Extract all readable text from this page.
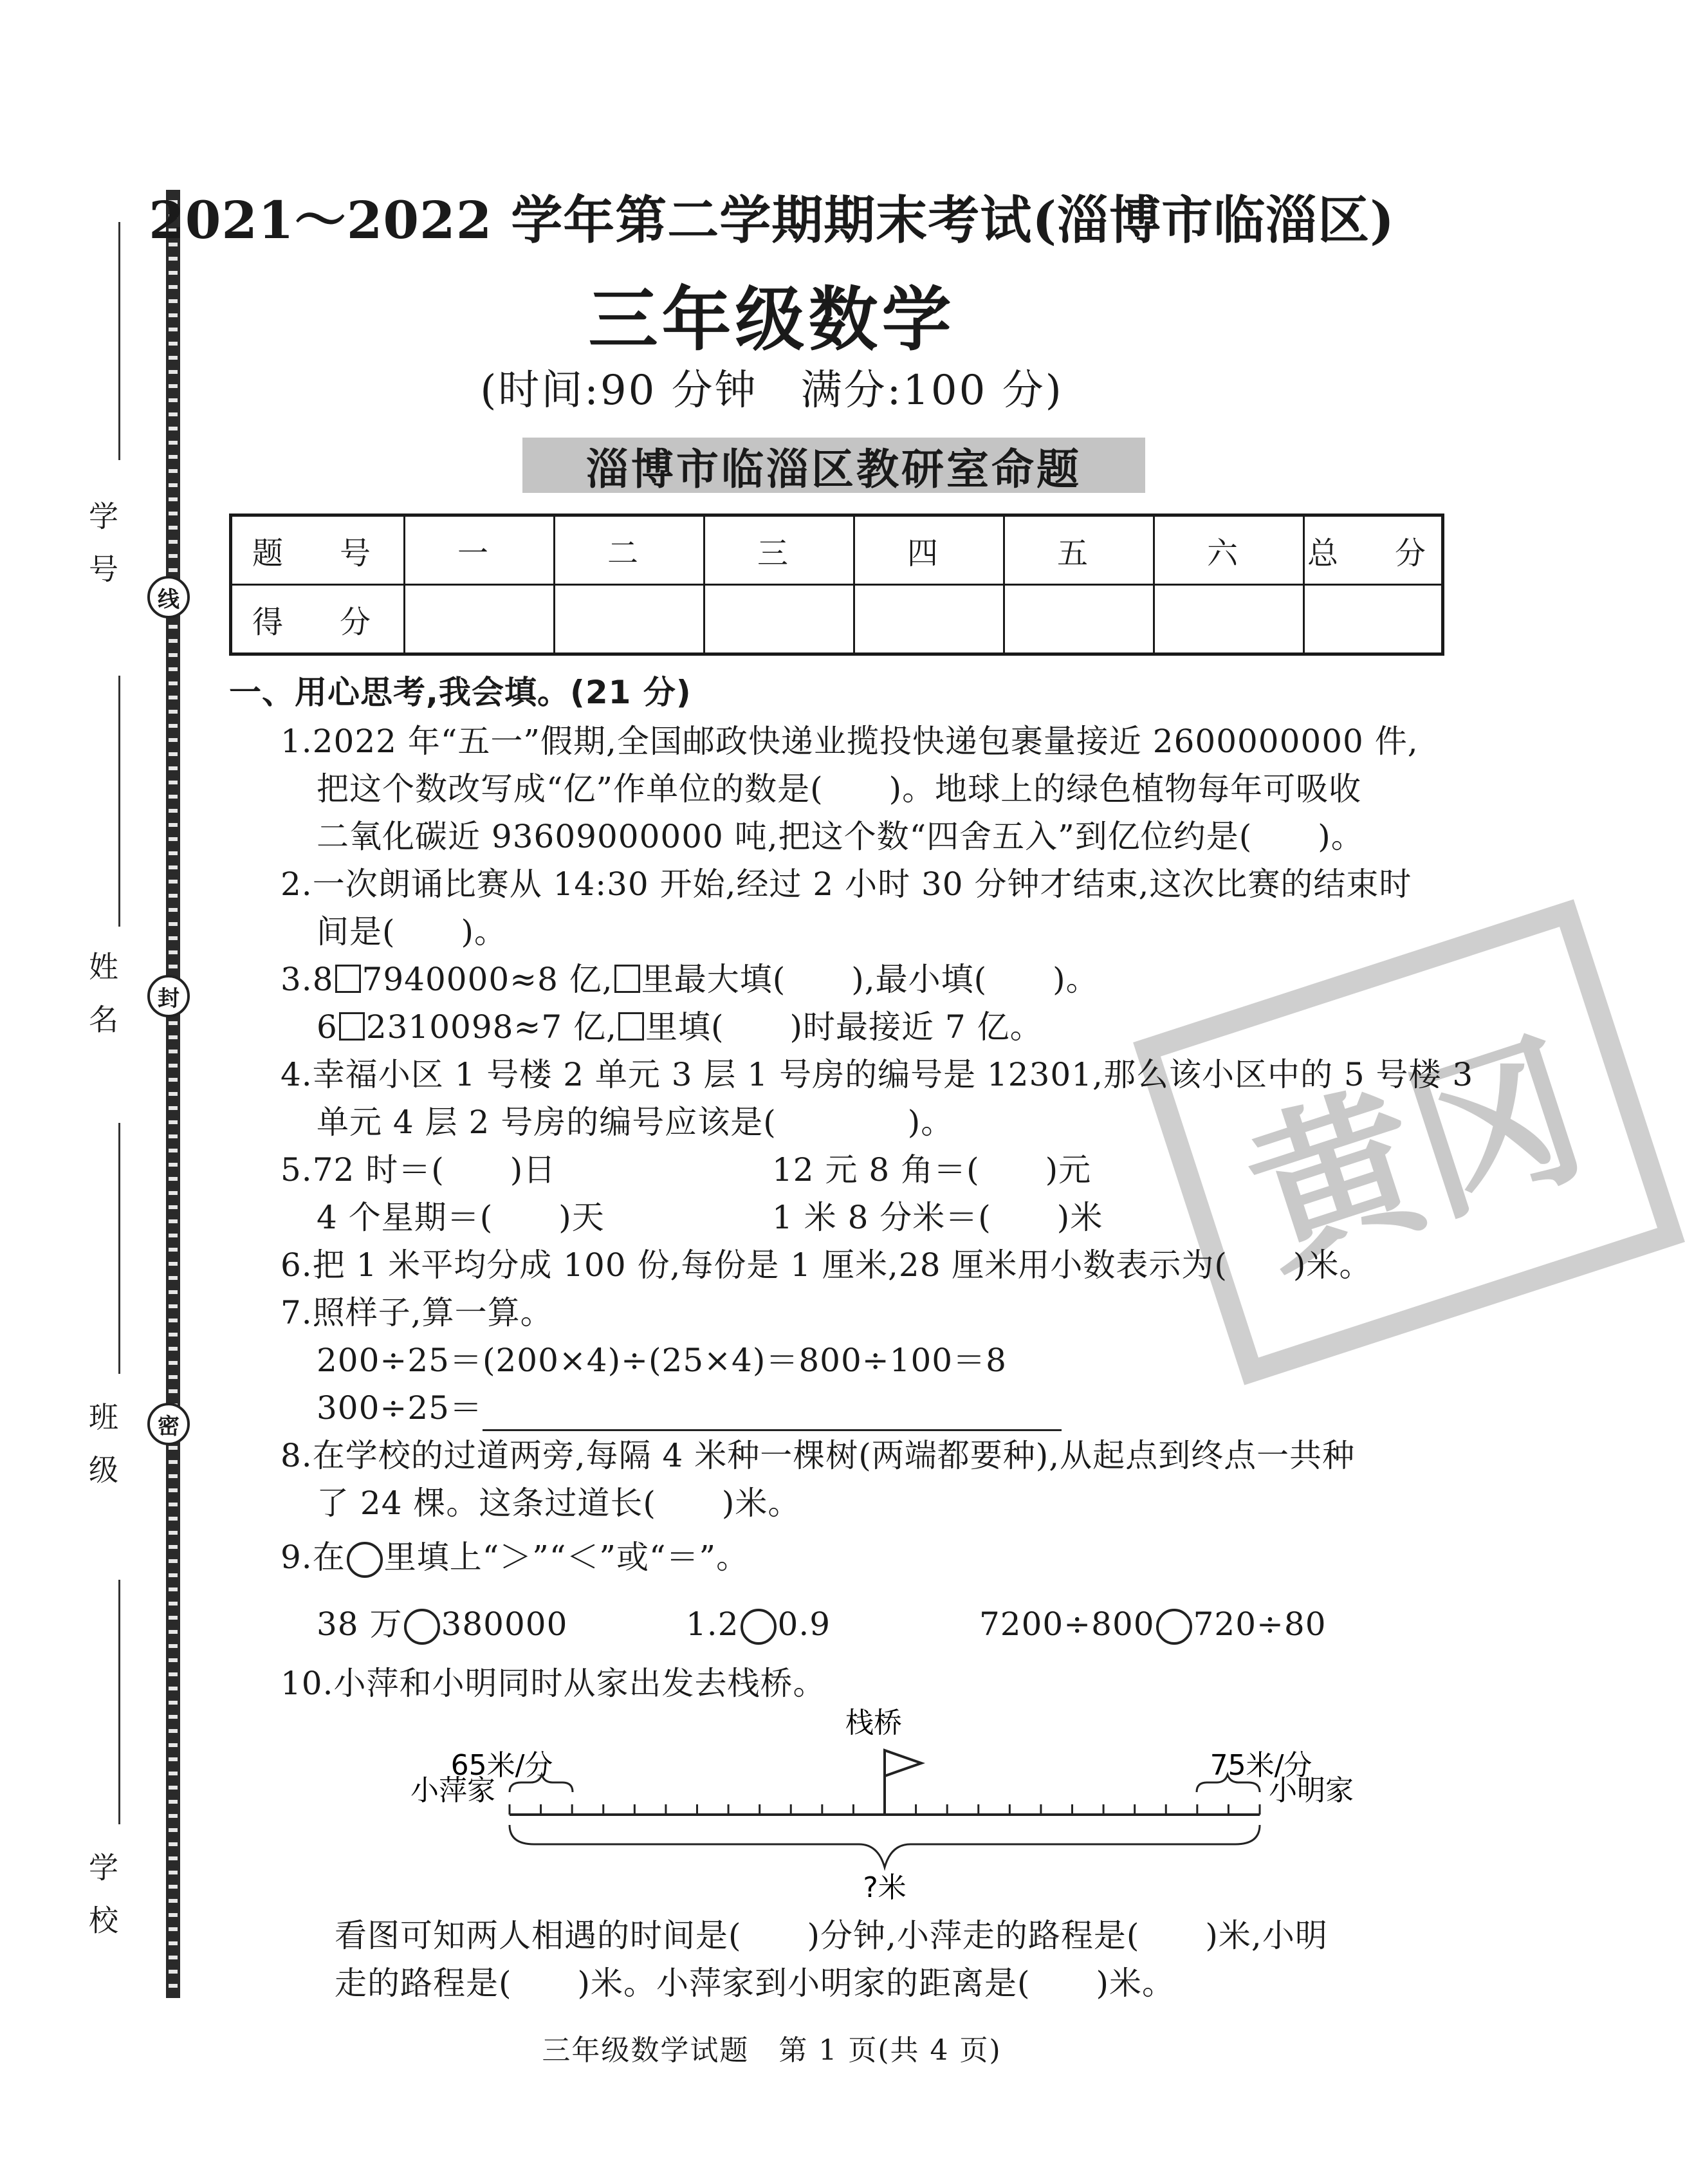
线
封
密
学号
姓名
班级
学校
2021～2022 学年第二学期期末考试(淄博市临淄区)
三年级数学
(时间:90 分钟　满分:100 分)
淄博市临淄区教研室命题
题　号	一	二	三	四	五	六	总　分
得　分							
黄冈
一、用心思考,我会填。(21 分)
1.2022 年“五一”假期,全国邮政快递业揽投快递包裹量接近 2600000000 件,
把这个数改写成“亿”作单位的数是(　　)。地球上的绿色植物每年可吸收
二氧化碳近 93609000000 吨,把这个数“四舍五入”到亿位约是(　　)。
2.一次朗诵比赛从 14:30 开始,经过 2 小时 30 分钟才结束,这次比赛的结束时
间是(　　)。
3.8 7940000≈8 亿, 里最大填(　　),最小填(　　)。
6 2310098≈7 亿, 里填(　　)时最接近 7 亿。
4.幸福小区 1 号楼 2 单元 3 层 1 号房的编号是 12301,那么该小区中的 5 号楼 3
单元 4 层 2 号房的编号应该是(　　　　)。
5.72 时＝(　　)日	12 元 8 角＝(　　)元
4 个星期＝(　　)天	1 米 8 分米＝(　　)米
6.把 1 米平均分成 100 份,每份是 1 厘米,28 厘米用小数表示为(　　)米。
7.照样子,算一算。
200÷25＝(200×4)÷(25×4)＝800÷100＝8
300÷25＝
8.在学校的过道两旁,每隔 4 米种一棵树(两端都要种),从起点到终点一共种
了 24 棵。这条过道长(　　)米。
9.在 里填上“＞”“＜”或“＝”。
38 万 380000	1.2 0.9	7200÷800 720÷80
10.小萍和小明同时从家出发去栈桥。
栈桥
65米/分	75米/分
小萍家	小明家
?米
看图可知两人相遇的时间是(　　)分钟,小萍走的路程是(　　)米,小明
走的路程是(　　)米。小萍家到小明家的距离是(　　)米。
三年级数学试题　第 1 页(共 4 页)
